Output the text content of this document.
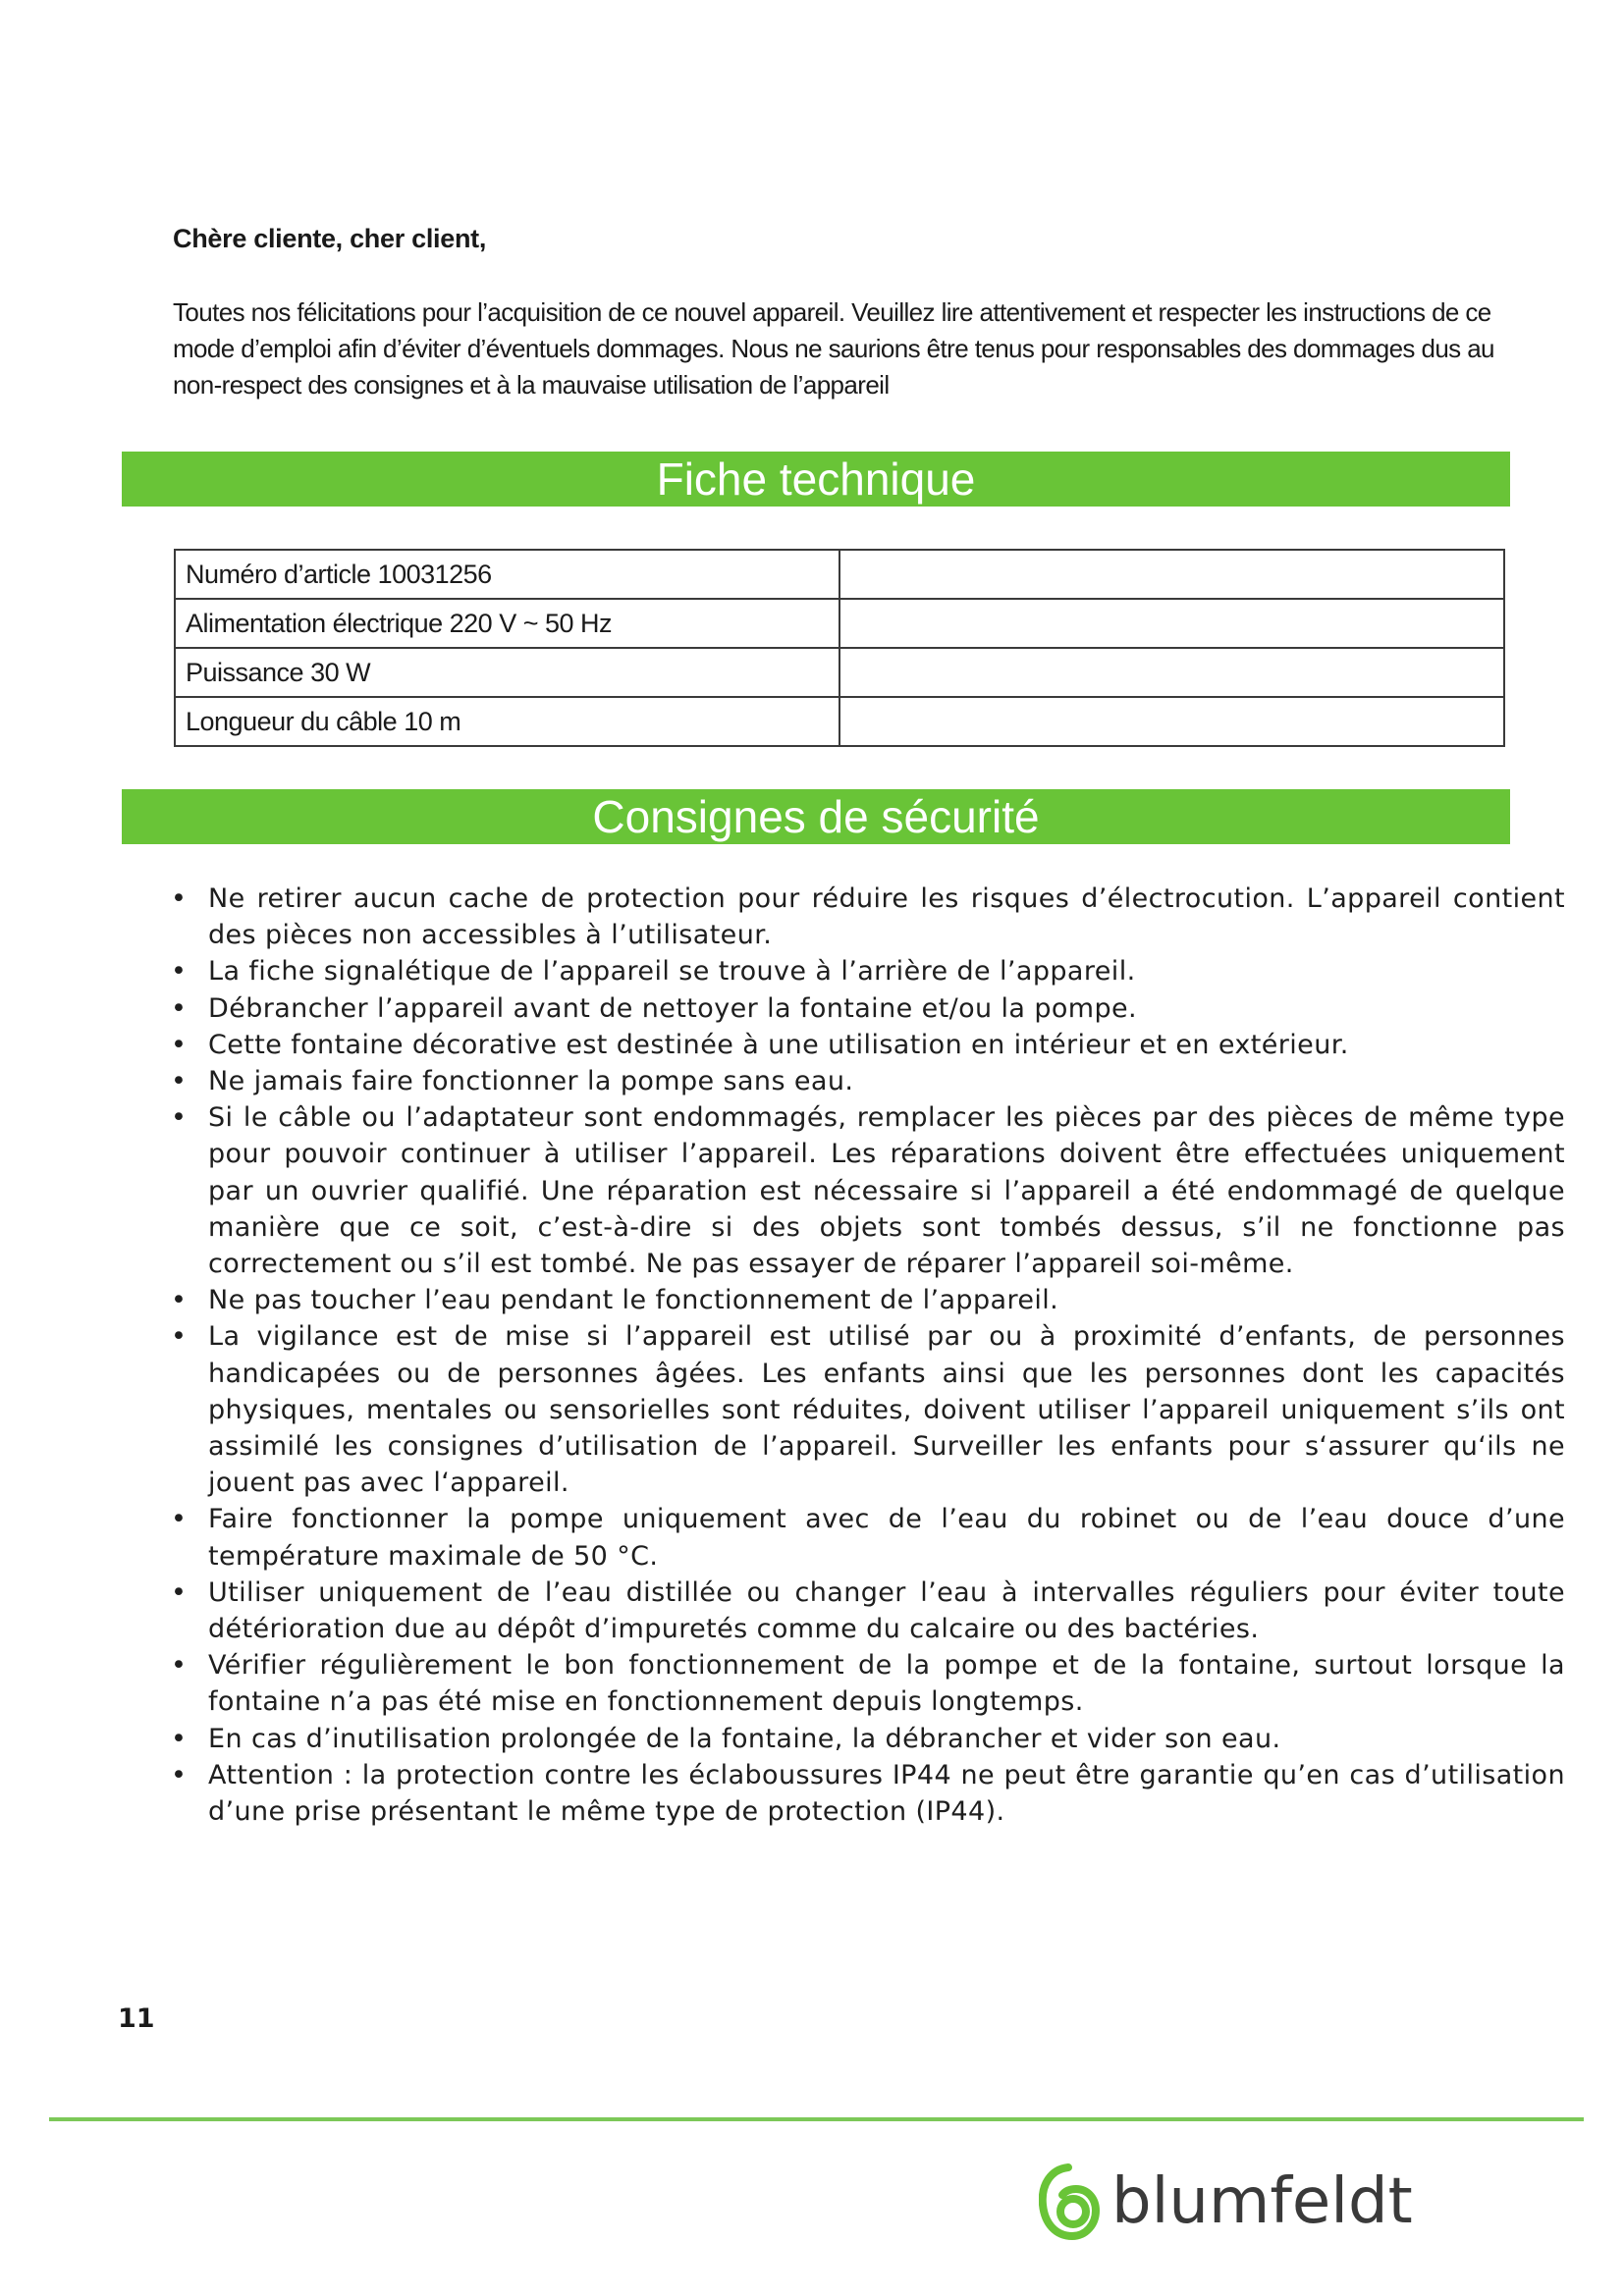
Chère cliente, cher client,

Toutes nos félicitations pour l’acquisition de ce nouvel appareil. Veuillez lire attentivement et respecter les instructions de ce mode d’emploi afin d’éviter d’éventuels dommages. Nous ne saurions être tenus pour responsables des dommages dus au non-respect des consignes et à la mauvaise utilisation de l’appareil

Fiche technique
Numéro d’article 10031256	
Alimentation électrique 220 V ~ 50 Hz	
Puissance 30 W	
Longueur du câble 10 m	
Consignes de sécurité
• Ne retirer aucun cache de protection pour réduire les risques d’électrocution. L’appareil contient des pièces non accessibles à l’utilisateur.
• La fiche signalétique de l’appareil se trouve à l’arrière de l’appareil.
• Débrancher l’appareil avant de nettoyer la fontaine et/ou la pompe.
• Cette fontaine décorative est destinée à une utilisation en intérieur et en extérieur.
• Ne jamais faire fonctionner la pompe sans eau.
• Si le câble ou l’adaptateur sont endommagés, remplacer les pièces par des pièces de même type pour pouvoir continuer à utiliser l’appareil. Les réparations doivent être effectuées uniquement par un ouvrier qualifié. Une réparation est nécessaire si l’appareil a été endommagé de quelque manière que ce soit, c’est-à-dire si des objets sont tombés dessus, s’il ne fonctionne pas correctement ou s’il est tombé. Ne pas essayer de réparer l’appareil soi-même.
• Ne pas toucher l’eau pendant le fonctionnement de l’appareil.
• La vigilance est de mise si l’appareil est utilisé par ou à proximité d’enfants, de personnes handicapées ou de personnes âgées. Les enfants ainsi que les personnes dont les capacités physiques, mentales ou sensorielles sont réduites, doivent utiliser l’appareil uniquement s’ils ont assimilé les consignes d’utilisation de l’appareil. Surveiller les enfants pour s‘assurer qu‘ils ne jouent pas avec l‘appareil.
• Faire fonctionner la pompe uniquement avec de l’eau du robinet ou de l’eau douce d’une température maximale de 50 °C.
• Utiliser uniquement de l’eau distillée ou changer l’eau à intervalles réguliers pour éviter toute détérioration due au dépôt d’impuretés comme du calcaire ou des bactéries.
• Vérifier régulièrement le bon fonctionnement de la pompe et de la fontaine, surtout lorsque la fontaine n’a pas été mise en fonctionnement depuis longtemps.
• En cas d’inutilisation prolongée de la fontaine, la débrancher et vider son eau.
• Attention : la protection contre les éclaboussures IP44 ne peut être garantie qu’en cas d’utilisation d’une prise présentant le même type de protection (IP44).

11

blumfeldt
